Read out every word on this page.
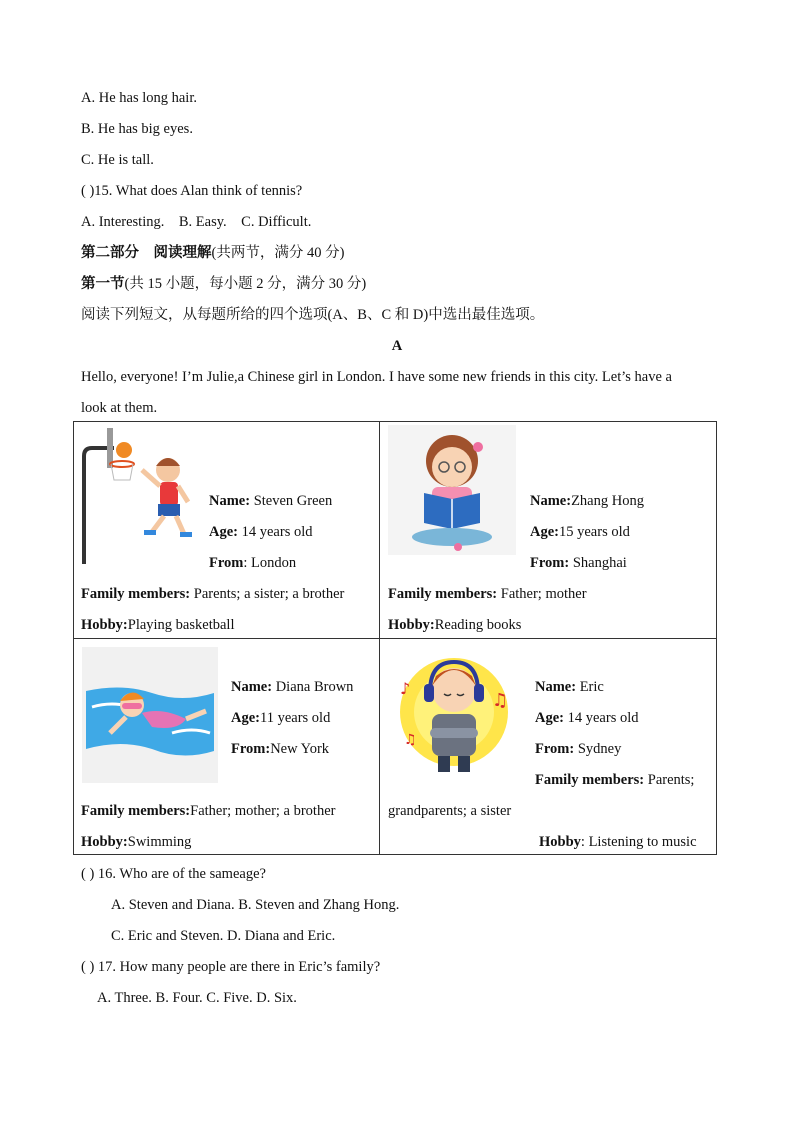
A. He has long hair.
B. He has big eyes.
C. He is tall.
( )15. What does Alan think of tennis?
A. Interesting. B. Easy. C. Difficult.
第二部分 阅读理解(共两节，满分 40 分)
第一节(共 15 小题，每小题 2 分，满分 30 分)
阅读下列短文，从每题所给的四个选项(A、B、C 和 D)中选出最佳选项。
A
Hello, everyone! I’m Julie,a Chinese girl in London. I have some new friends in this city. Let’s have a
look at them.
Name: Steven Green
Age: 14 years old
From: London
Family members: Parents; a sister; a brother
Hobby:Playing basketball
Name:Zhang Hong
Age:15 years old
From: Shanghai
Family members: Father; mother
Hobby:Reading books
Name: Diana Brown
Age:11 years old
From:New York
Family members:Father; mother; a brother
Hobby:Swimming
♪
♫
♫
Name: Eric
Age: 14 years old
From: Sydney
Family members: Parents;
grandparents; a sister
Hobby: Listening to music
( ) 16. Who are of the sameage?
A. Steven and Diana. B. Steven and Zhang Hong.
C. Eric and Steven. D. Diana and Eric.
( ) 17. How many people are there in Eric’s family?
A. Three. B. Four. C. Five. D. Six.
